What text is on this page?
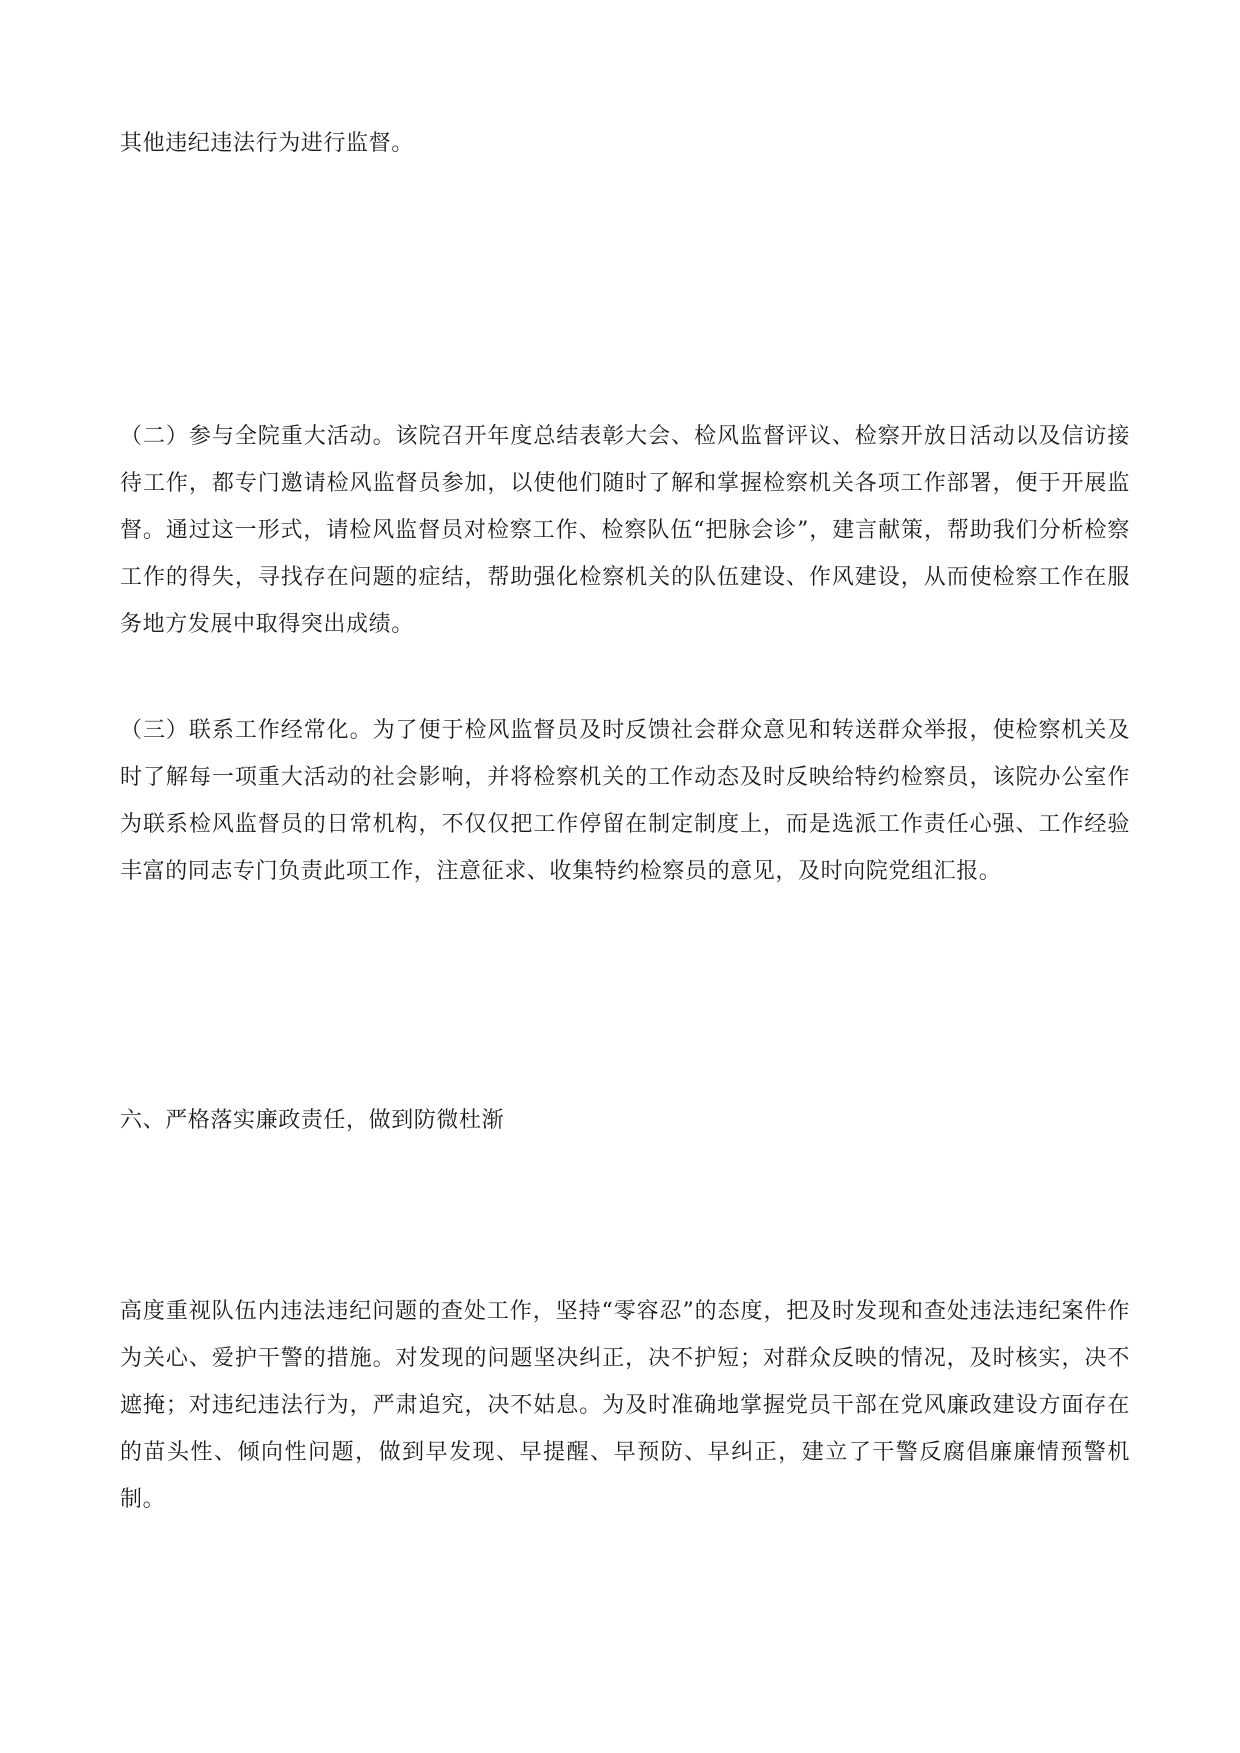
其他违纪违法行为进行监督。

（二）参与全院重大活动。该院召开年度总结表彰大会、检风监督评议、检察开放日活动以及信访接待工作，都专门邀请检风监督员参加，以使他们随时了解和掌握检察机关各项工作部署，便于开展监督。通过这一形式，请检风监督员对检察工作、检察队伍“把脉会诊”，建言献策，帮助我们分析检察工作的得失，寻找存在问题的症结，帮助强化检察机关的队伍建设、作风建设，从而使检察工作在服务地方发展中取得突出成绩。

（三）联系工作经常化。为了便于检风监督员及时反馈社会群众意见和转送群众举报，使检察机关及时了解每一项重大活动的社会影响，并将检察机关的工作动态及时反映给特约检察员，该院办公室作为联系检风监督员的日常机构，不仅仅把工作停留在制定制度上，而是选派工作责任心强、工作经验丰富的同志专门负责此项工作，注意征求、收集特约检察员的意见，及时向院党组汇报。

六、严格落实廉政责任，做到防微杜渐

高度重视队伍内违法违纪问题的查处工作，坚持“零容忍”的态度，把及时发现和查处违法违纪案件作为关心、爱护干警的措施。对发现的问题坚决纠正，决不护短；对群众反映的情况，及时核实，决不遮掩；对违纪违法行为，严肃追究，决不姑息。为及时准确地掌握党员干部在党风廉政建设方面存在的苗头性、倾向性问题，做到早发现、早提醒、早预防、早纠正，建立了干警反腐倡廉廉情预警机制。
